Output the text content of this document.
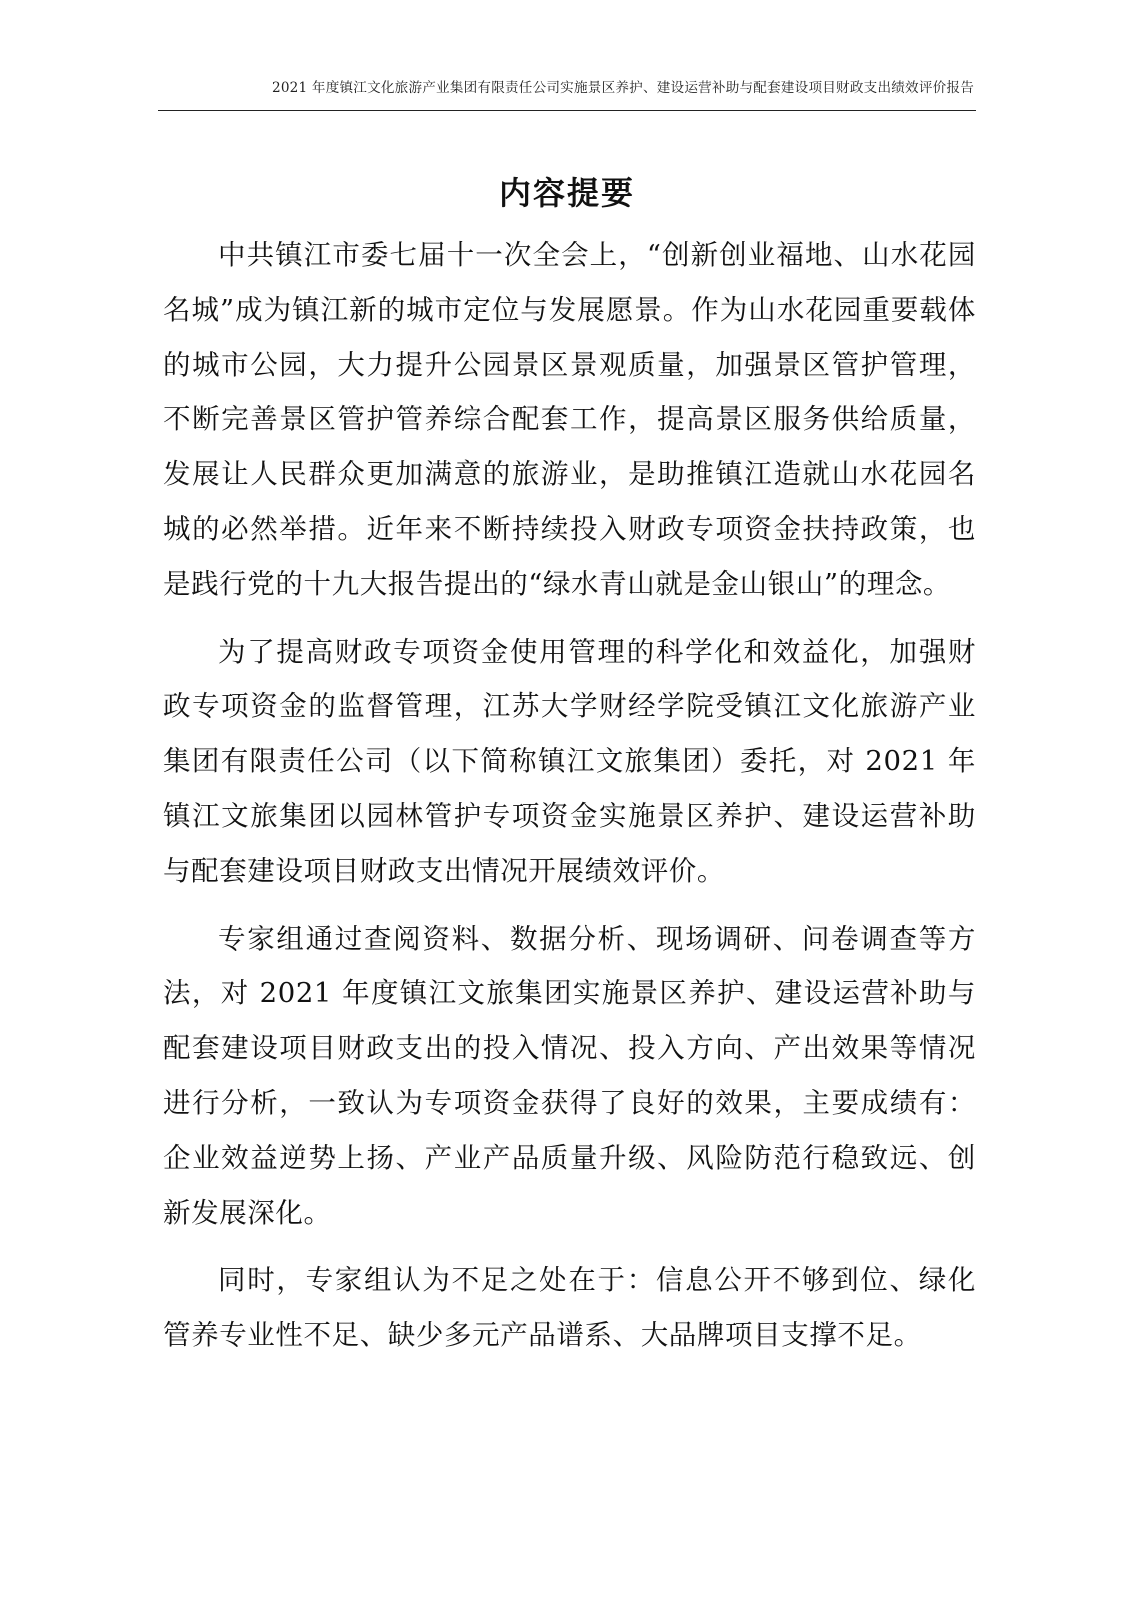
2021 年度镇江文化旅游产业集团有限责任公司实施景区养护、建设运营补助与配套建设项目财政支出绩效评价报告
内容提要

中共镇江市委七届十一次全会上，“创新创业福地、山水花园名城”成为镇江新的城市定位与发展愿景。作为山水花园重要载体的城市公园，大力提升公园景区景观质量，加强景区管护管理，不断完善景区管护管养综合配套工作，提高景区服务供给质量，发展让人民群众更加满意的旅游业，是助推镇江造就山水花园名城的必然举措。近年来不断持续投入财政专项资金扶持政策，也是践行党的十九大报告提出的“绿水青山就是金山银山”的理念。

为了提高财政专项资金使用管理的科学化和效益化，加强财政专项资金的监督管理，江苏大学财经学院受镇江文化旅游产业集团有限责任公司（以下简称镇江文旅集团）委托，对 2021 年镇江文旅集团以园林管护专项资金实施景区养护、建设运营补助与配套建设项目财政支出情况开展绩效评价。

专家组通过查阅资料、数据分析、现场调研、问卷调查等方法，对 2021 年度镇江文旅集团实施景区养护、建设运营补助与配套建设项目财政支出的投入情况、投入方向、产出效果等情况进行分析，一致认为专项资金获得了良好的效果，主要成绩有：企业效益逆势上扬、产业产品质量升级、风险防范行稳致远、创新发展深化。

同时，专家组认为不足之处在于：信息公开不够到位、绿化管养专业性不足、缺少多元产品谱系、大品牌项目支撑不足。
